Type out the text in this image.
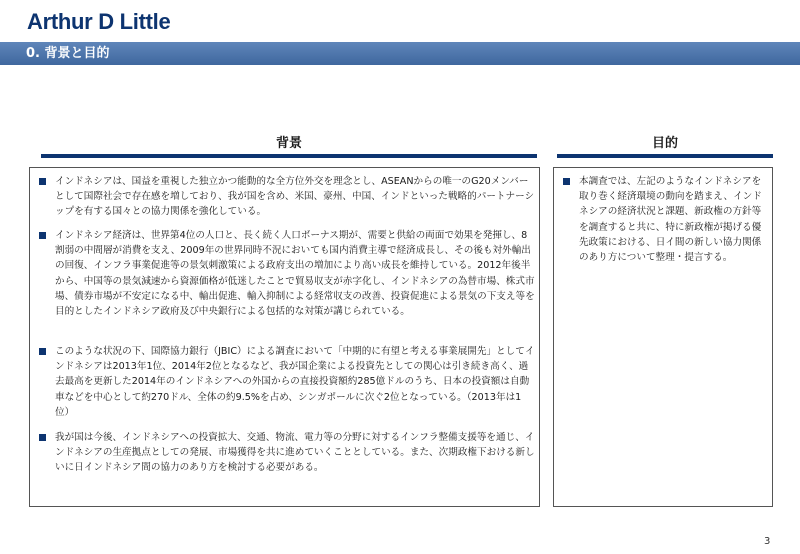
Arthur D Little
0. 背景と目的
背景	目的
インドネシアは、国益を重視した独立かつ能動的な全方位外交を理念とし、ASEANからの唯一のG20メンバーとして国際社会で存在感を増しており、我が国を含め、米国、豪州、中国、インドといった戦略的パートナーシップを有する国々との協力関係を強化している。
インドネシア経済は、世界第4位の人口と、長く続く人口ボーナス期が、需要と供給の両面で効果を発揮し、8割弱の中間層が消費を支え、2009年の世界同時不況においても国内消費主導で経済成長し、その後も対外輸出の回復、インフラ事業促進等の景気刺激策による政府支出の増加により高い成長を維持している。2012年後半から、中国等の景気減速から資源価格が低迷したことで貿易収支が赤字化し、インドネシアの為替市場、株式市場、債券市場が不安定になる中、輸出促進、輸入抑制による経常収支の改善、投資促進による景気の下支え等を目的としたインドネシア政府及び中央銀行による包括的な対策が講じられている。
このような状況の下、国際協力銀行（JBIC）による調査において「中期的に有望と考える事業展開先」としてインドネシアは2013年1位、2014年2位となるなど、我が国企業による投資先としての関心は引き続き高く、過去最高を更新した2014年のインドネシアへの外国からの直接投資額約285億ドルのうち、日本の投資額は自動車などを中心として約270ドル、全体の約9.5%を占め、シンガポールに次ぐ2位となっている。（2013年は1位）
我が国は今後、インドネシアへの投資拡大、交通、物流、電力等の分野に対するインフラ整備支援等を通じ、インドネシアの生産拠点としての発展、市場獲得を共に進めていくこととしている。また、次期政権下おける新しいに日インドネシア間の協力のあり方を検討する必要がある。
本調査では、左記のようなインドネシアを取り巻く経済環境の動向を踏まえ、インドネシアの経済状況と課題、新政権の方針等を調査すると共に、特に新政権が掲げる優先政策における、日イ間の新しい協力関係のあり方について整理・提言する。
3
